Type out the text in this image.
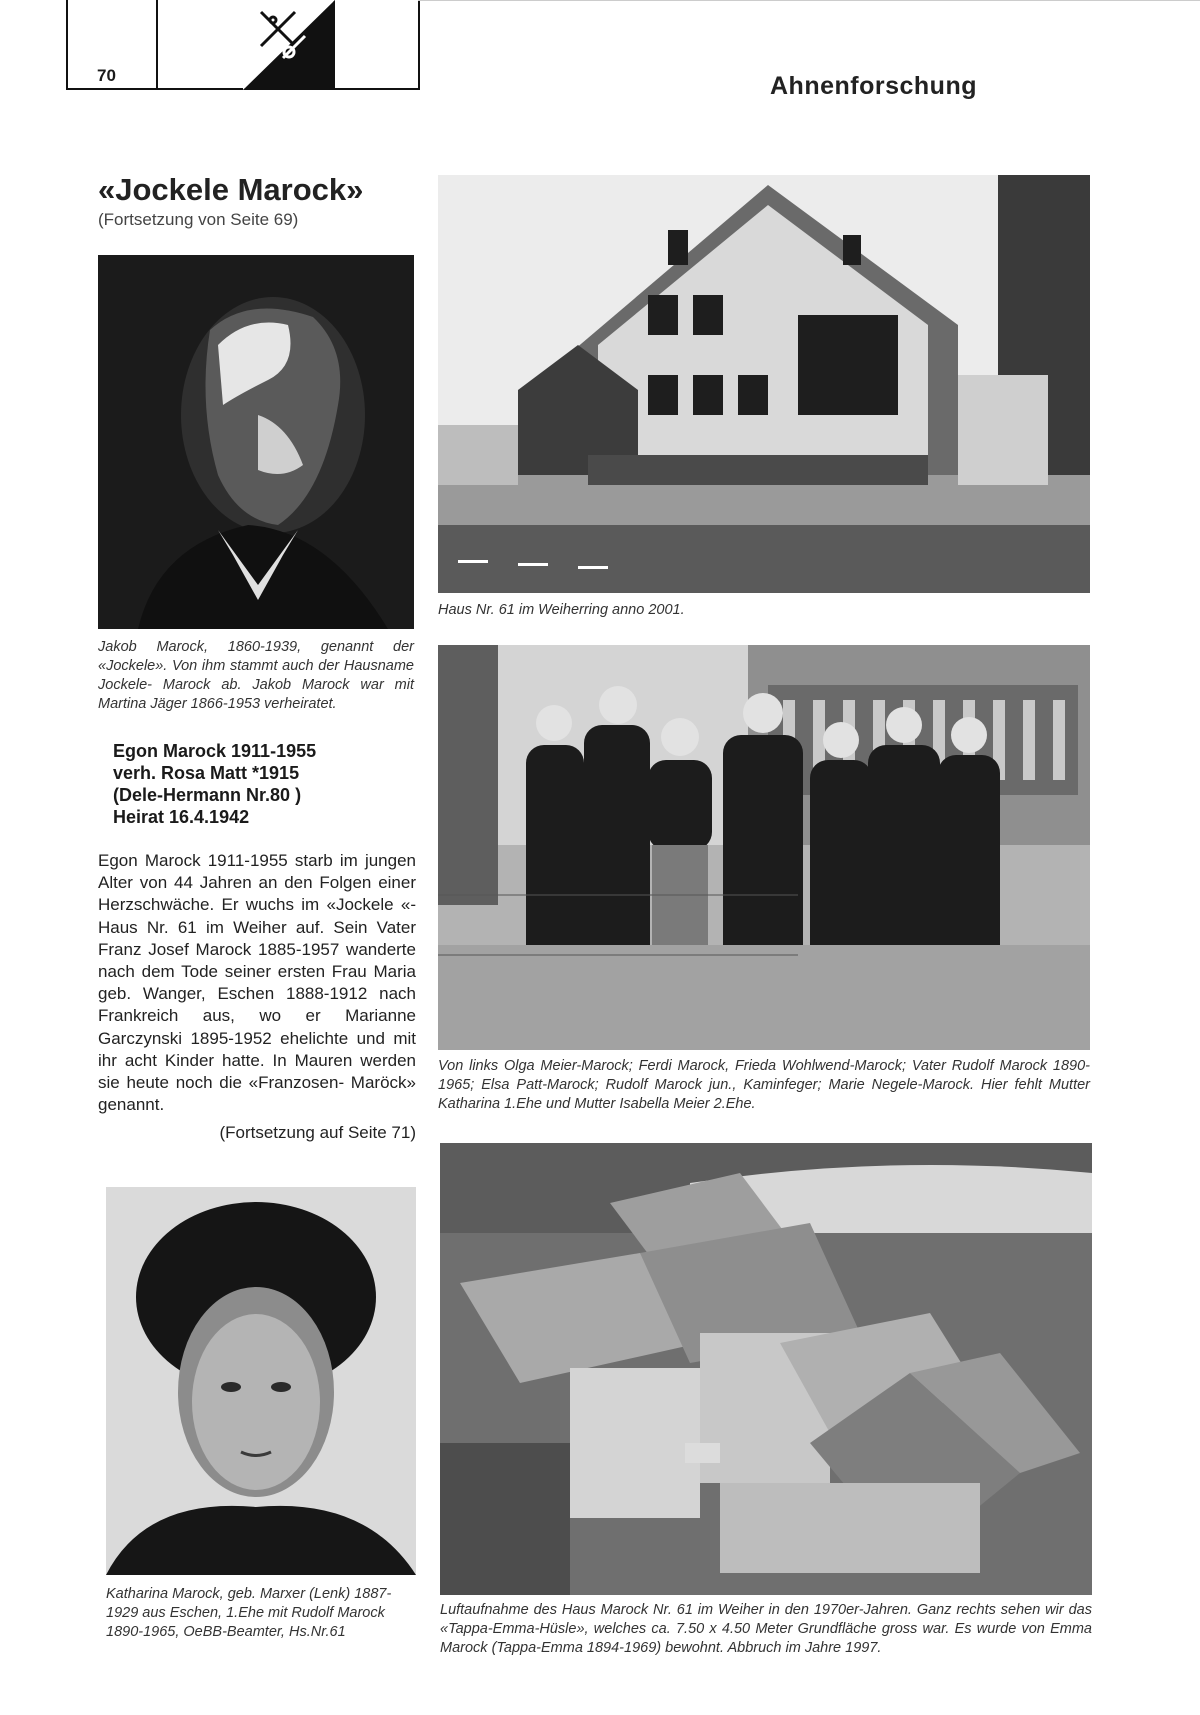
70	Ahnenforschung
«Jockele Marock»
(Fortsetzung von Seite 69)
Jakob Marock, 1860-1939, genannt der «Jockele». Von ihm stammt auch der Hausname Jockele- Marock ab. Jakob Marock war mit Martina Jäger 1866-1953 verheiratet.
Haus Nr. 61 im Weiherring anno 2001.
Von links Olga Meier-Marock; Ferdi Marock, Frieda Wohlwend-Marock; Vater Rudolf Marock 1890-1965; Elsa Patt-Marock; Rudolf Marock jun., Kaminfeger; Marie Negele-Marock. Hier fehlt Mutter Katharina 1.Ehe und Mutter Isabella Meier 2.Ehe.
Egon Marock 1911-1955
verh. Rosa Matt *1915
(Dele-Hermann Nr.80 )
Heirat 16.4.1942
Egon Marock 1911-1955 starb im jungen Alter von 44 Jahren an den Folgen einer Herzschwäche. Er wuchs im «Jockele «- Haus Nr. 61 im Weiher auf. Sein Vater Franz Josef Marock 1885-1957 wanderte nach dem Tode seiner ersten Frau Maria geb. Wanger, Eschen 1888-1912 nach Frankreich aus, wo er Marianne Garczynski 1895-1952 ehelichte und mit ihr acht Kinder hatte. In Mauren werden sie heute noch die «Franzosen- Maröck» genannt.
(Fortsetzung auf Seite 71)
Katharina Marock, geb. Marxer (Lenk) 1887-1929 aus Eschen, 1.Ehe mit Rudolf Marock 1890-1965, OeBB-Beamter, Hs.Nr.61
Luftaufnahme des Haus Marock Nr. 61 im Weiher in den 1970er-Jahren. Ganz rechts sehen wir das «Tappa-Emma-Hüsle», welches ca. 7.50 x 4.50 Meter Grundfläche gross war. Es wurde von Emma Marock (Tappa-Emma 1894-1969) bewohnt. Abbruch im Jahre 1997.
